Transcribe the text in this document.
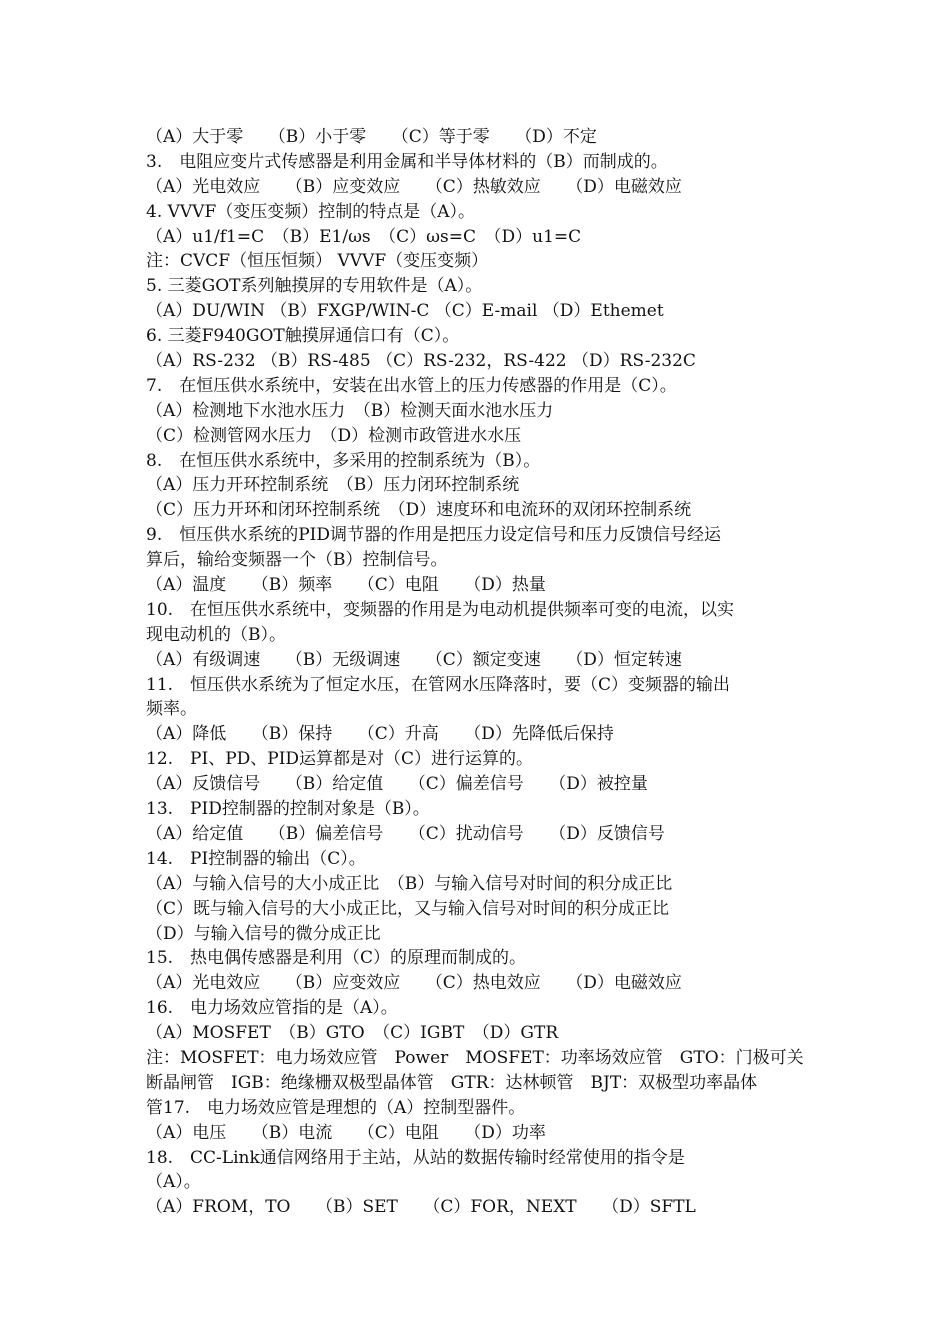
（A）大于零　　（B）小于零　　（C）等于零　　（D）不定
3.　电阻应变片式传感器是利用金属和半导体材料的（B）而制成的。
（A）光电效应　　（B）应变效应　　（C）热敏效应　　（D）电磁效应
4. VVVF（变压变频）控制的特点是（A）。
（A）u1/f1=C　（B）E1/ωs　（C）ωs=C　（D）u1=C
注：CVCF（恒压恒频） VVVF（变压变频）
5. 三菱GOT系列触摸屏的专用软件是（A）。
（A）DU/WIN （B）FXGP/WIN-C （C）E-mail （D）Ethemet
6. 三菱F940GOT触摸屏通信口有（C）。
（A）RS-232 （B）RS-485 （C）RS-232，RS-422 （D）RS-232C
7.　在恒压供水系统中，安装在出水管上的压力传感器的作用是（C）。
（A）检测地下水池水压力　（B）检测天面水池水压力
（C）检测管网水压力　（D）检测市政管进水水压
8.　在恒压供水系统中，多采用的控制系统为（B）。
（A）压力开环控制系统　（B）压力闭环控制系统
（C）压力开环和闭环控制系统　（D）速度环和电流环的双闭环控制系统
9.　恒压供水系统的PID调节器的作用是把压力设定信号和压力反馈信号经运
算后，输给变频器一个（B）控制信号。
（A）温度　　（B）频率　　（C）电阻　　（D）热量
10.　在恒压供水系统中，变频器的作用是为电动机提供频率可变的电流，以实
现电动机的（B）。
（A）有级调速　　（B）无级调速　　（C）额定变速　　（D）恒定转速
11.　恒压供水系统为了恒定水压，在管网水压降落时，要（C）变频器的输出
频率。
（A）降低　　（B）保持　　（C）升高　　（D）先降低后保持
12.　PI、PD、PID运算都是对（C）进行运算的。
（A）反馈信号　　（B）给定值　　（C）偏差信号　　（D）被控量
13.　PID控制器的控制对象是（B）。
（A）给定值　　（B）偏差信号　　（C）扰动信号　　（D）反馈信号
14.　PI控制器的输出（C）。
（A）与输入信号的大小成正比　（B）与输入信号对时间的积分成正比
（C）既与输入信号的大小成正比，又与输入信号对时间的积分成正比
（D）与输入信号的微分成正比
15.　热电偶传感器是利用（C）的原理而制成的。
（A）光电效应　　（B）应变效应　　（C）热电效应　　（D）电磁效应
16.　电力场效应管指的是（A）。
（A）MOSFET　（B）GTO　（C）IGBT　（D）GTR
注：MOSFET：电力场效应管　Power　MOSFET：功率场效应管　GTO：门极可关
断晶闸管　IGB：绝缘栅双极型晶体管　GTR：达林顿管　BJT：双极型功率晶体
管17.　电力场效应管是理想的（A）控制型器件。
（A）电压　　（B）电流　　（C）电阻　　（D）功率
18.　CC-Link通信网络用于主站，从站的数据传输时经常使用的指令是
（A）。
（A）FROM，TO　　（B）SET　　（C）FOR，NEXT　　（D）SFTL
